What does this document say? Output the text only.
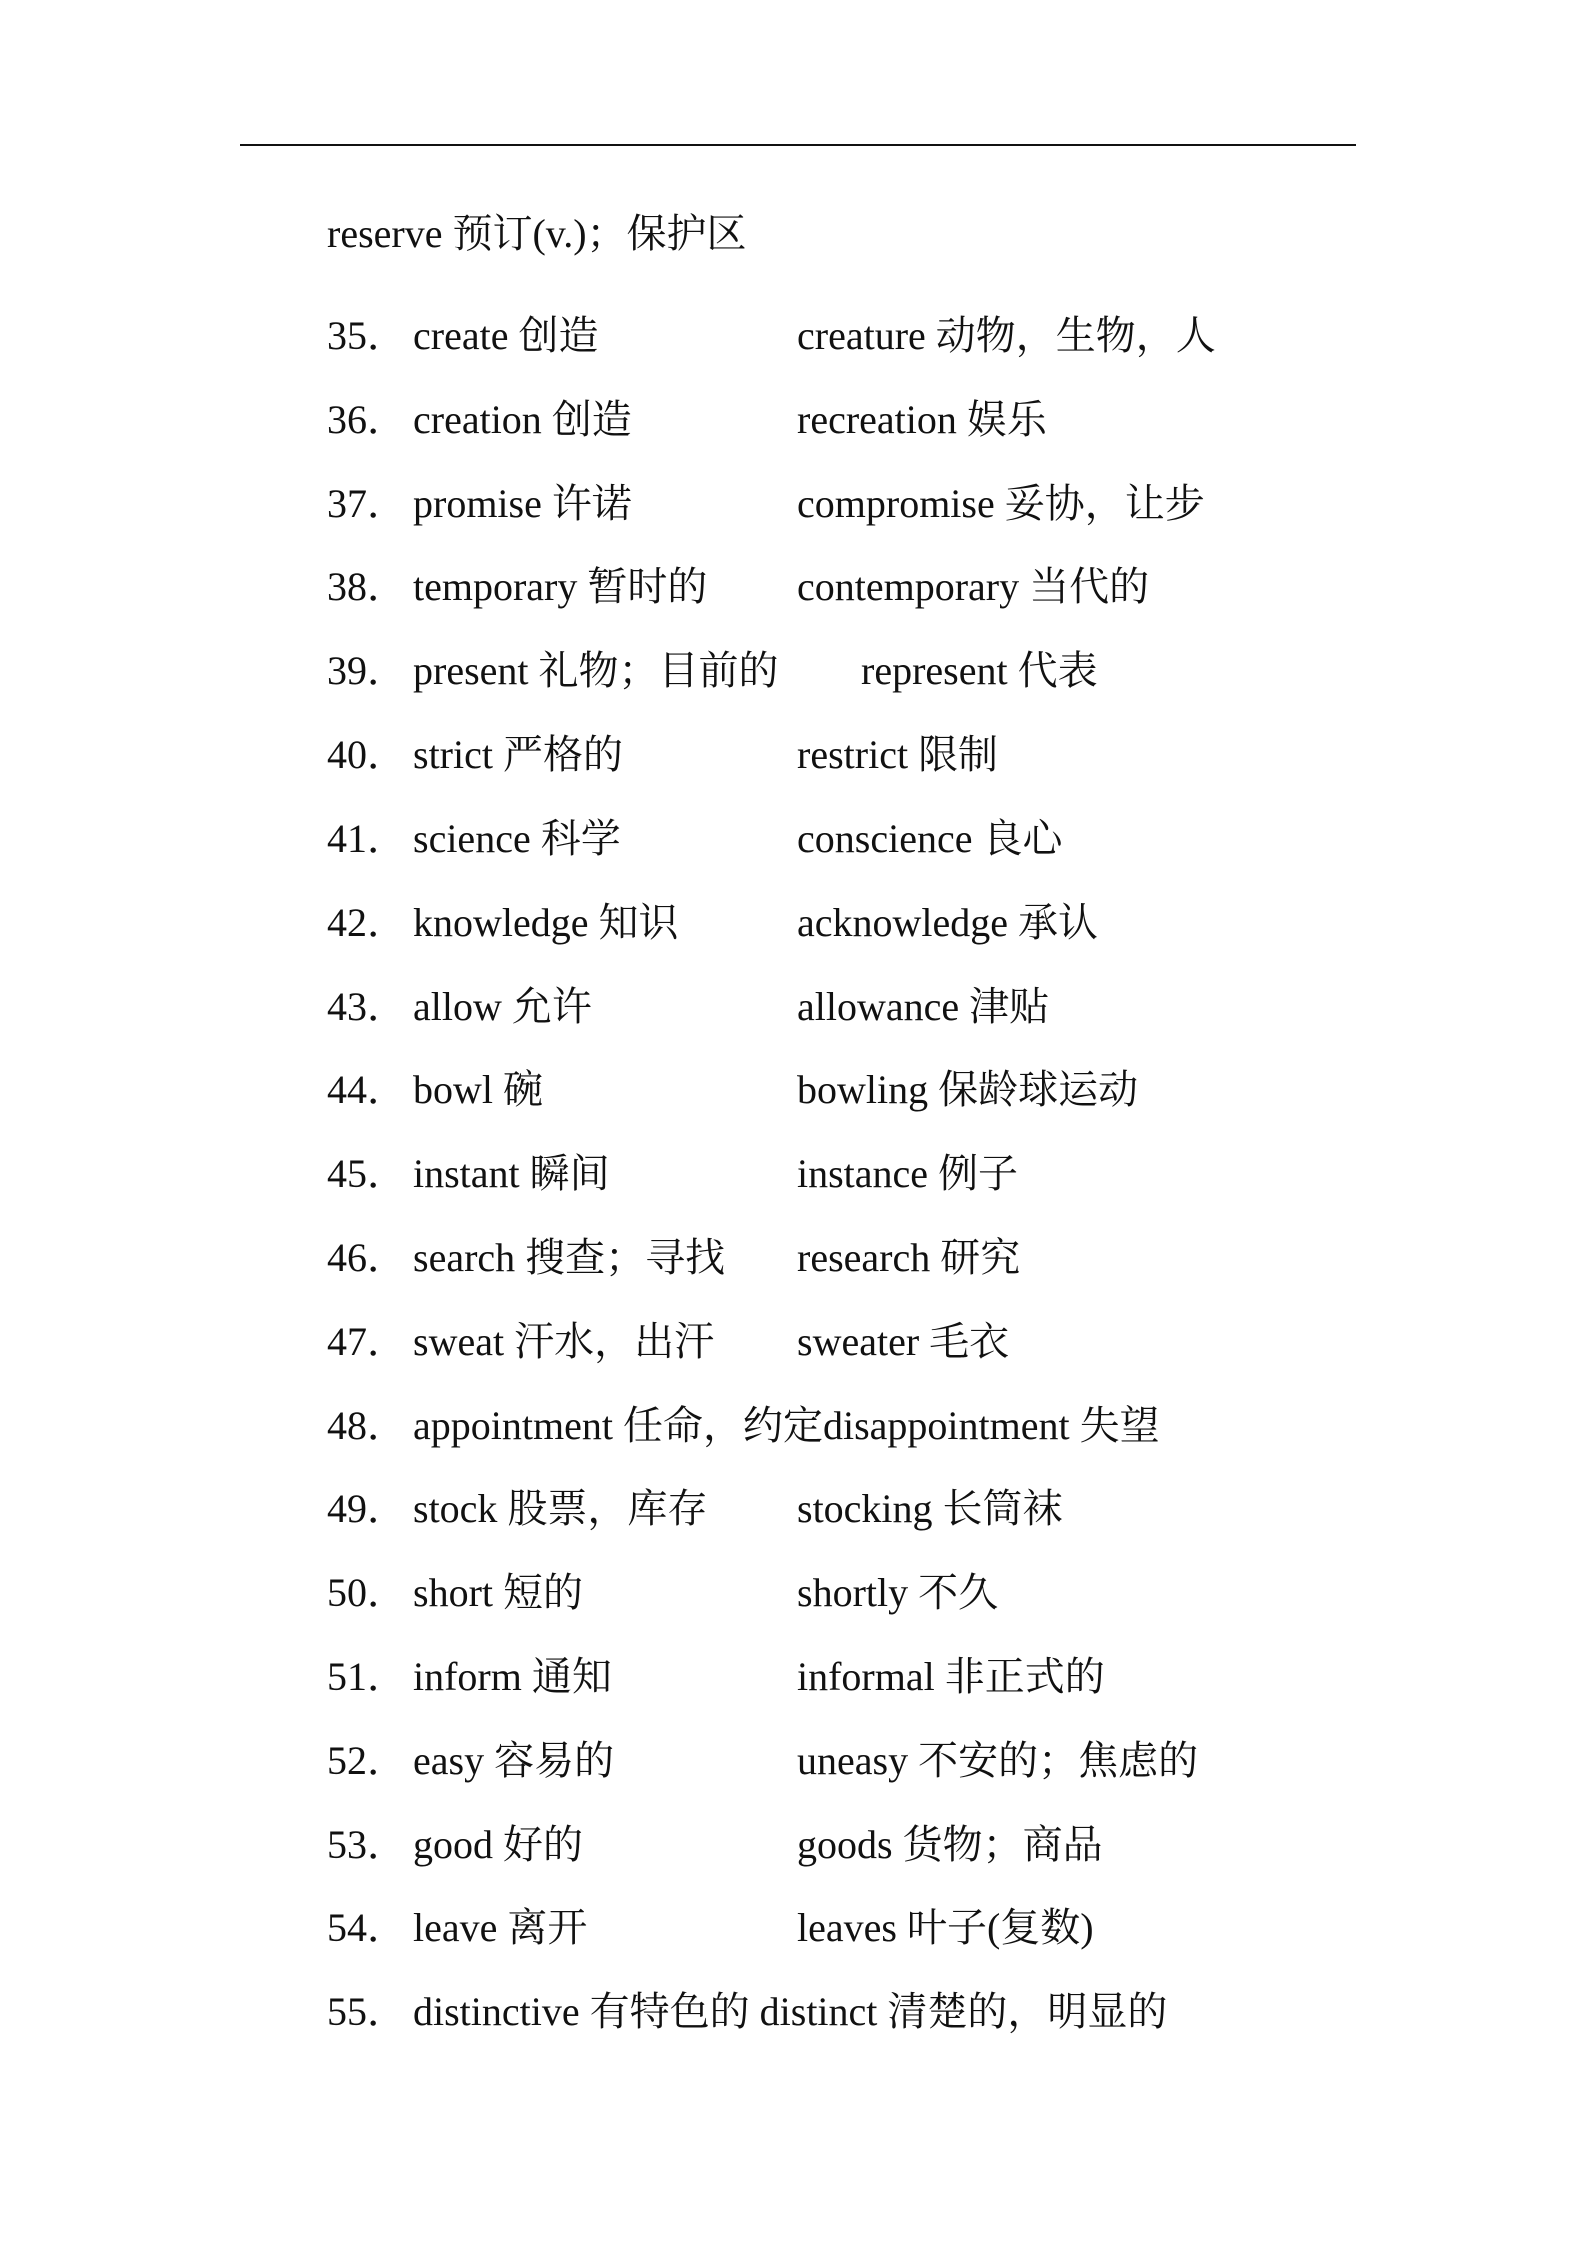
reserve 预订(v.)；保护区
35． create 创造	creature 动物，生物，人
36． creation 创造	recreation 娱乐
37． promise 许诺	compromise 妥协，让步
38． temporary 暂时的 contemporary 当代的
39． present 礼物；目前的 represent 代表
40． strict 严格的	restrict 限制
41． science 科学	conscience 良心
42． knowledge 知识	acknowledge 承认
43． allow 允许	allowance 津贴
44． bowl 碗	bowling 保龄球运动
45． instant 瞬间	instance 例子
46． search 搜查；寻找 research 研究
47． sweat 汗水，出汗 sweater 毛衣
48． appointment 任命，约定disappointment 失望
49． stock 股票，库存 stocking 长筒袜
50． short 短的	shortly 不久
51． inform 通知	informal 非正式的
52． easy 容易的	uneasy 不安的；焦虑的
53． good 好的	goods 货物；商品
54． leave 离开	leaves 叶子(复数)
55． distinctive 有特色的 distinct 清楚的，明显的
